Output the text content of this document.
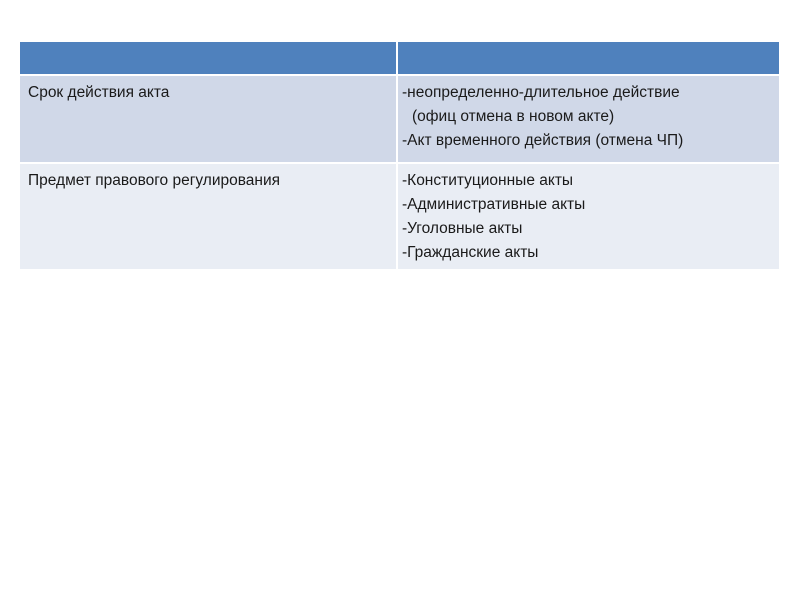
Срок действия акта	-неопределенно-длительное действие
(офиц отмена в новом акте)
-Акт временного действия (отмена ЧП)

Предмет правового регулирования	-Конституционные акты
-Административные акты
-Уголовные акты
-Гражданские акты
